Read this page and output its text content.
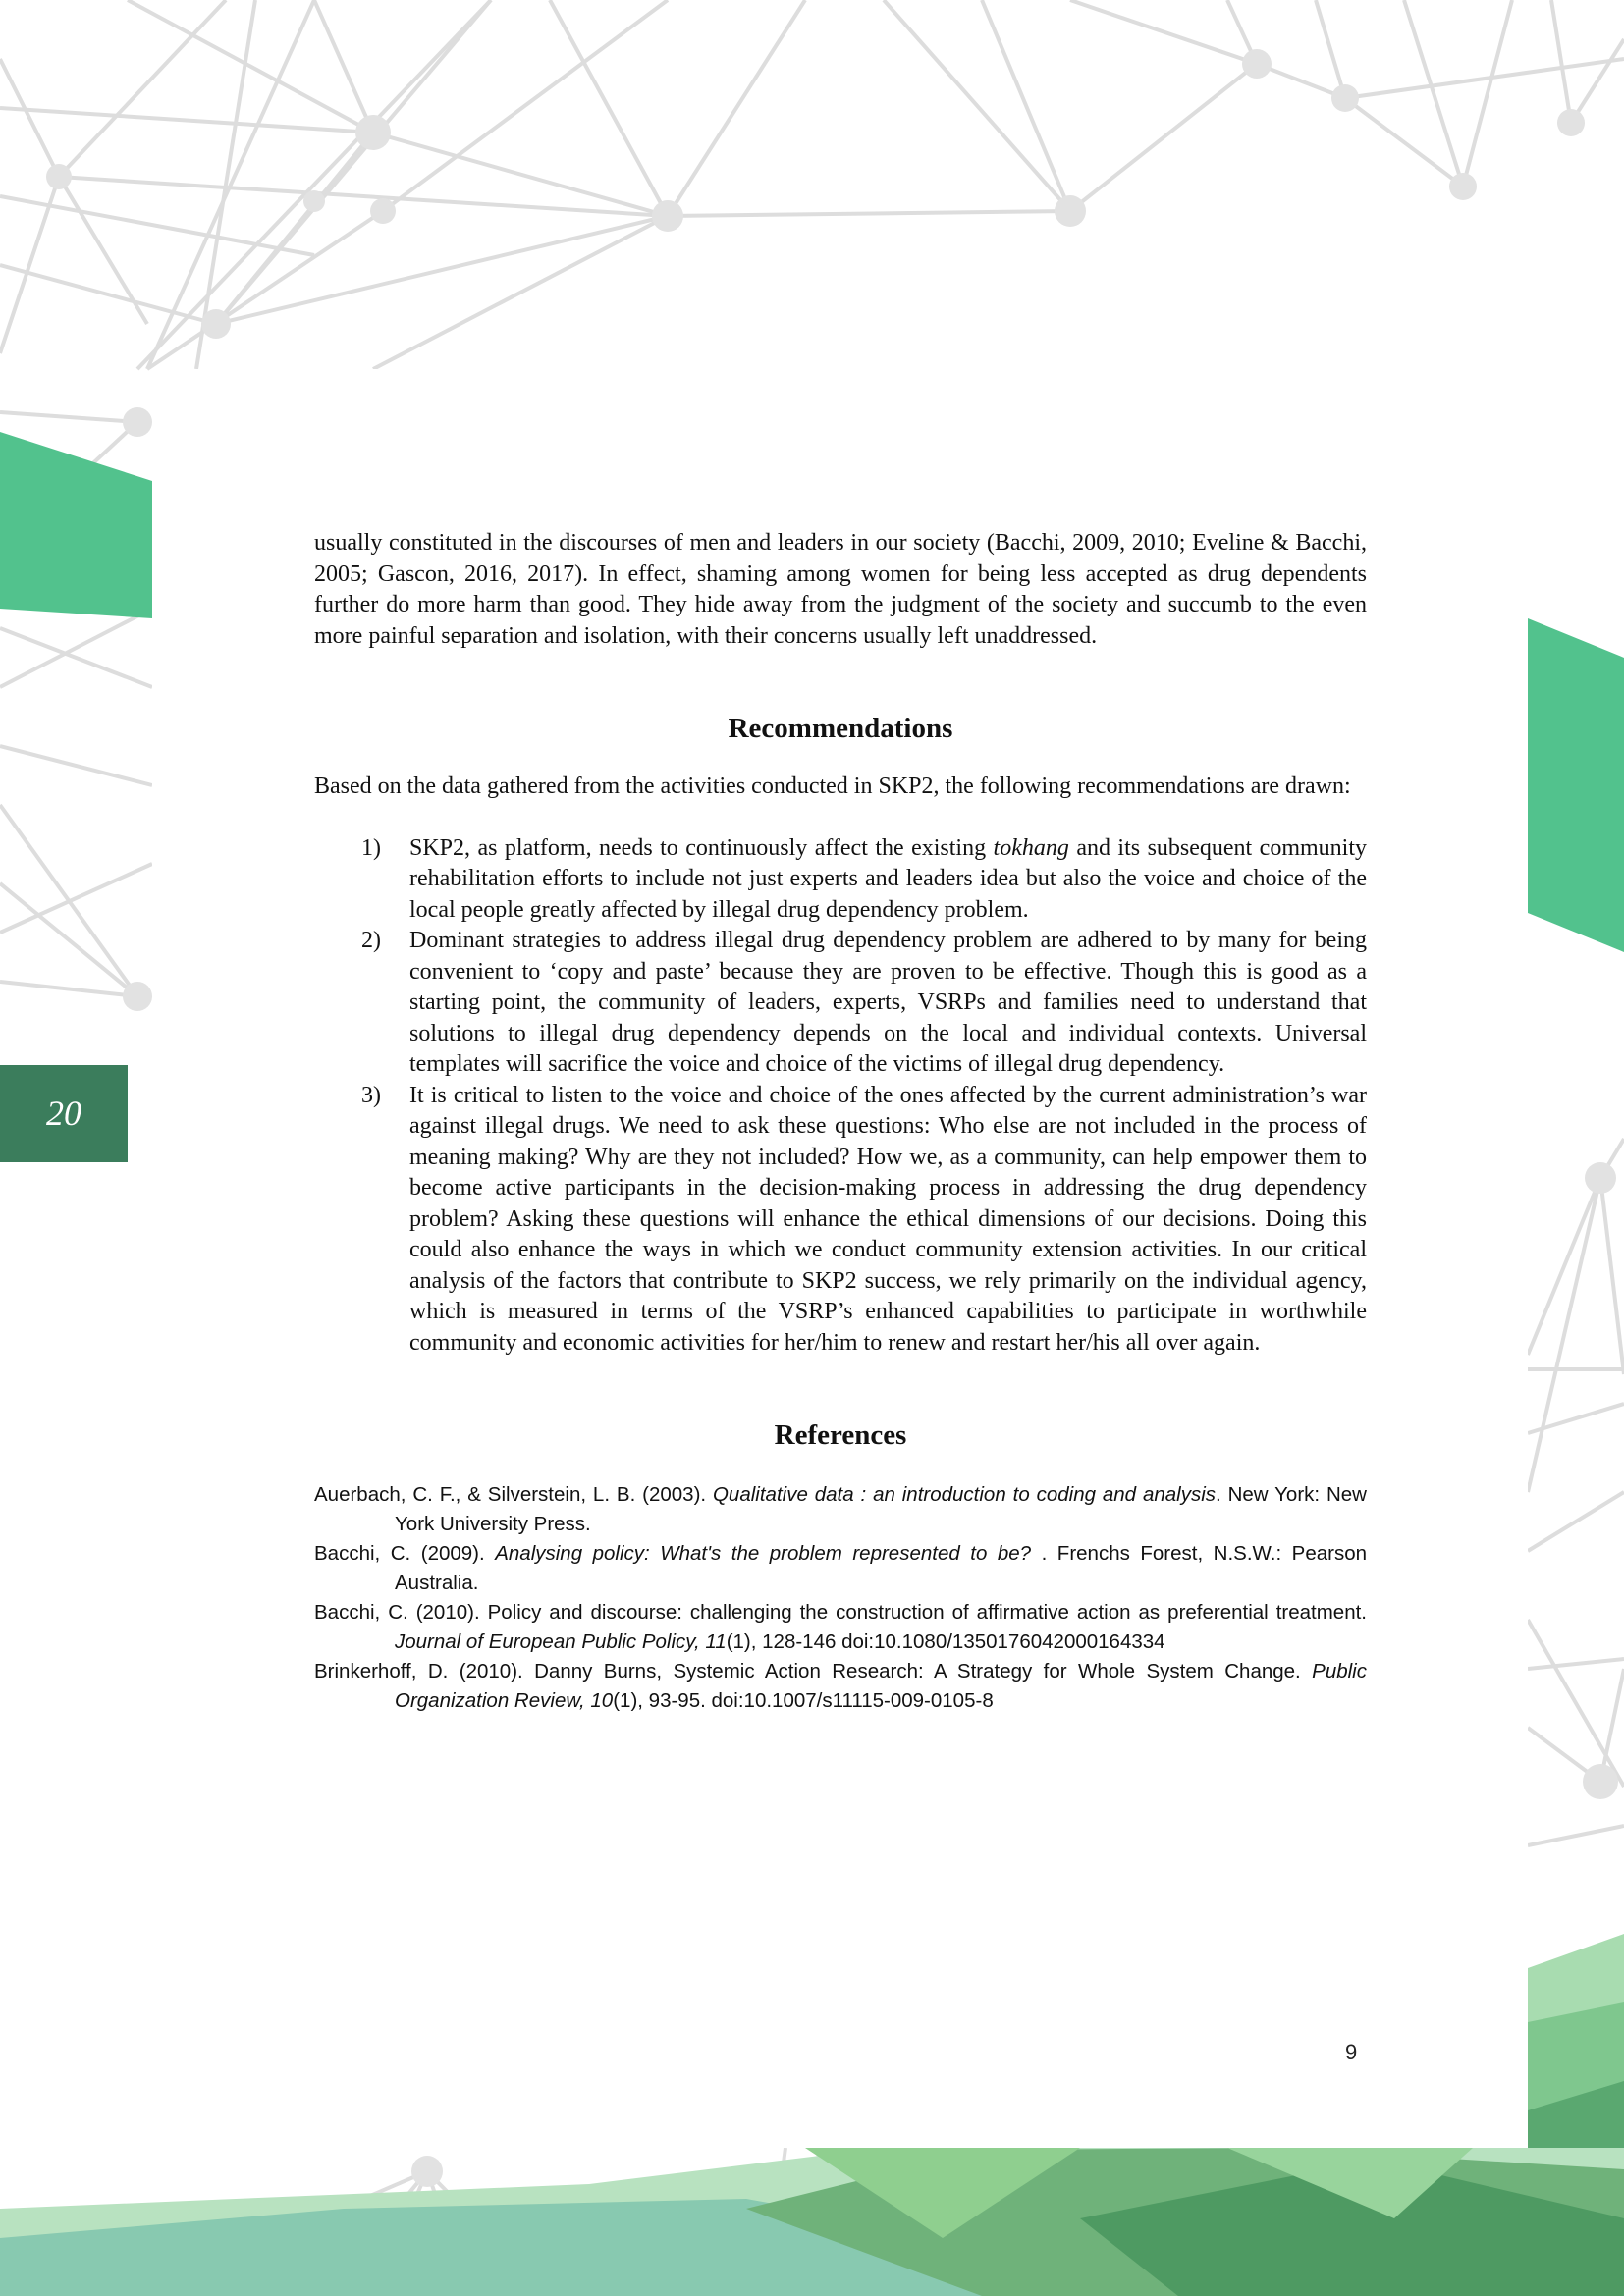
20

usually constituted in the discourses of men and leaders in our society (Bacchi, 2009, 2010; Eveline & Bacchi, 2005; Gascon, 2016, 2017). In effect, shaming among women for being less accepted as drug dependents further do more harm than good. They hide away from the judgment of the society and succumb to the even more painful separation and isolation, with their concerns usually left unaddressed.

Recommendations

Based on the data gathered from the activities conducted in SKP2, the following recommendations are drawn:

1) SKP2, as platform, needs to continuously affect the existing tokhang and its subsequent community rehabilitation efforts to include not just experts and leaders idea but also the voice and choice of the local people greatly affected by illegal drug dependency problem.
2) Dominant strategies to address illegal drug dependency problem are adhered to by many for being convenient to ‘copy and paste’ because they are proven to be effective. Though this is good as a starting point, the community of leaders, experts, VSRPs and families need to understand that solutions to illegal drug dependency depends on the local and individual contexts. Universal templates will sacrifice the voice and choice of the victims of illegal drug dependency.
3) It is critical to listen to the voice and choice of the ones affected by the current administration’s war against illegal drugs. We need to ask these questions: Who else are not included in the process of meaning making? Why are they not included? How we, as a community, can help empower them to become active participants in the decision-making process in addressing the drug dependency problem? Asking these questions will enhance the ethical dimensions of our decisions. Doing this could also enhance the ways in which we conduct community extension activities. In our critical analysis of the factors that contribute to SKP2 success, we rely primarily on the individual agency, which is measured in terms of the VSRP’s enhanced capabilities to participate in worthwhile community and economic activities for her/him to renew and restart her/his all over again.
References

Auerbach, C. F., & Silverstein, L. B. (2003). Qualitative data : an introduction to coding and analysis. New York: New York University Press.

Bacchi, C. (2009). Analysing policy: What's the problem represented to be? . Frenchs Forest, N.S.W.: Pearson Australia.

Bacchi, C. (2010). Policy and discourse: challenging the construction of affirmative action as preferential treatment. Journal of European Public Policy, 11(1), 128-146 doi:10.1080/1350176042000164334

Brinkerhoff, D. (2010). Danny Burns, Systemic Action Research: A Strategy for Whole System Change. Public Organization Review, 10(1), 93-95. doi:10.1007/s11115-009-0105-8

9
